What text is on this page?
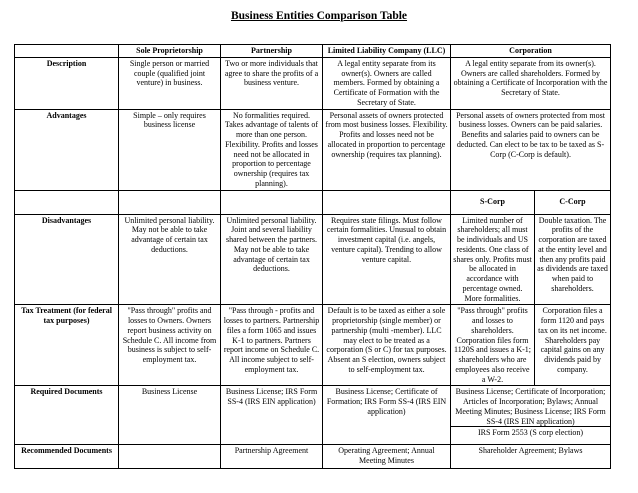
Business Entities Comparison Table
	Sole Proprietorship	Partnership	Limited Liability Company (LLC)	Corporation	
Description	Single person or married couple (qualified joint venture) in business.	Two or more individuals that agree to share the profits of a business venture.	A legal entity separate from its owner(s). Owners are called members. Formed by obtaining a Certificate of Formation with the Secretary of State.	A legal entity separate from its owner(s). Owners are called shareholders. Formed by obtaining a Certificate of Incorporation with the Secretary of State.	
Advantages	Simple – only requires business license	No formalities required. Takes advantage of talents of more than one person. Flexibility. Profits and losses need not be allocated in proportion to percentage ownership (requires tax planning).	Personal assets of owners protected from most business losses. Flexibility. Profits and losses need not be allocated in proportion to percentage ownership (requires tax planning).	Personal assets of owners protected from most business losses. Owners can be paid salaries. Benefits and salaries paid to owners can be deducted. Can elect to be tax to be taxed as S- Corp (C-Corp is default).	
				S-Corp	C-Corp
Disadvantages	Unlimited personal liability. May not be able to take advantage of certain tax deductions.	Unlimited personal liability. Joint and several liability shared between the partners. May not be able to take advantage of certain tax deductions.	Requires state filings. Must follow certain formalities. Unusual to obtain investment capital (i.e. angels, venture capital). Trending to allow venture capital.	Limited number of shareholders; all must be individuals and US residents. One class of shares only. Profits must be allocated in accordance with percentage owned. More formalities.	Double taxation. The profits of the corporation are taxed at the entity level and then any profits paid as dividends are taxed when paid to shareholders.
Tax Treatment (for federal tax purposes)	"Pass through" profits and losses to Owners. Owners report business activity on Schedule C. All income from business is subject to self-employment tax.	"Pass through - profits and losses to partners. Partnership files a form 1065 and issues K-1 to partners. Partners report income on Schedule C. All income subject to self-employment tax.	Default is to be taxed as either a sole proprietorship (single member) or partnership (multi -member). LLC may elect to be treated as a corporation (S or C) for tax purposes. Absent an S election, owners subject to self-employment tax.	"Pass through" profits and losses to shareholders. Corporation files form 1120S and issues a K-1; shareholders who are employees also receive a W-2.	Corporation files a form 1120 and pays tax on its net income. Shareholders pay capital gains on any dividends paid by company.
Required Documents	Business License	Business License; IRS Form SS-4 (IRS EIN application)	Business License; Certificate of Formation; IRS Form SS-4 (IRS EIN application)	Business License; Certificate of Incorporation; Articles of Incorporation; Bylaws; Annual Meeting Minutes; Business License; IRS Form SS-4 (IRS EIN application)
IRS Form 2553 (S corp election)	

Recommended Documents		Partnership Agreement	Operating Agreement; Annual Meeting Minutes	Shareholder Agreement; Bylaws	
